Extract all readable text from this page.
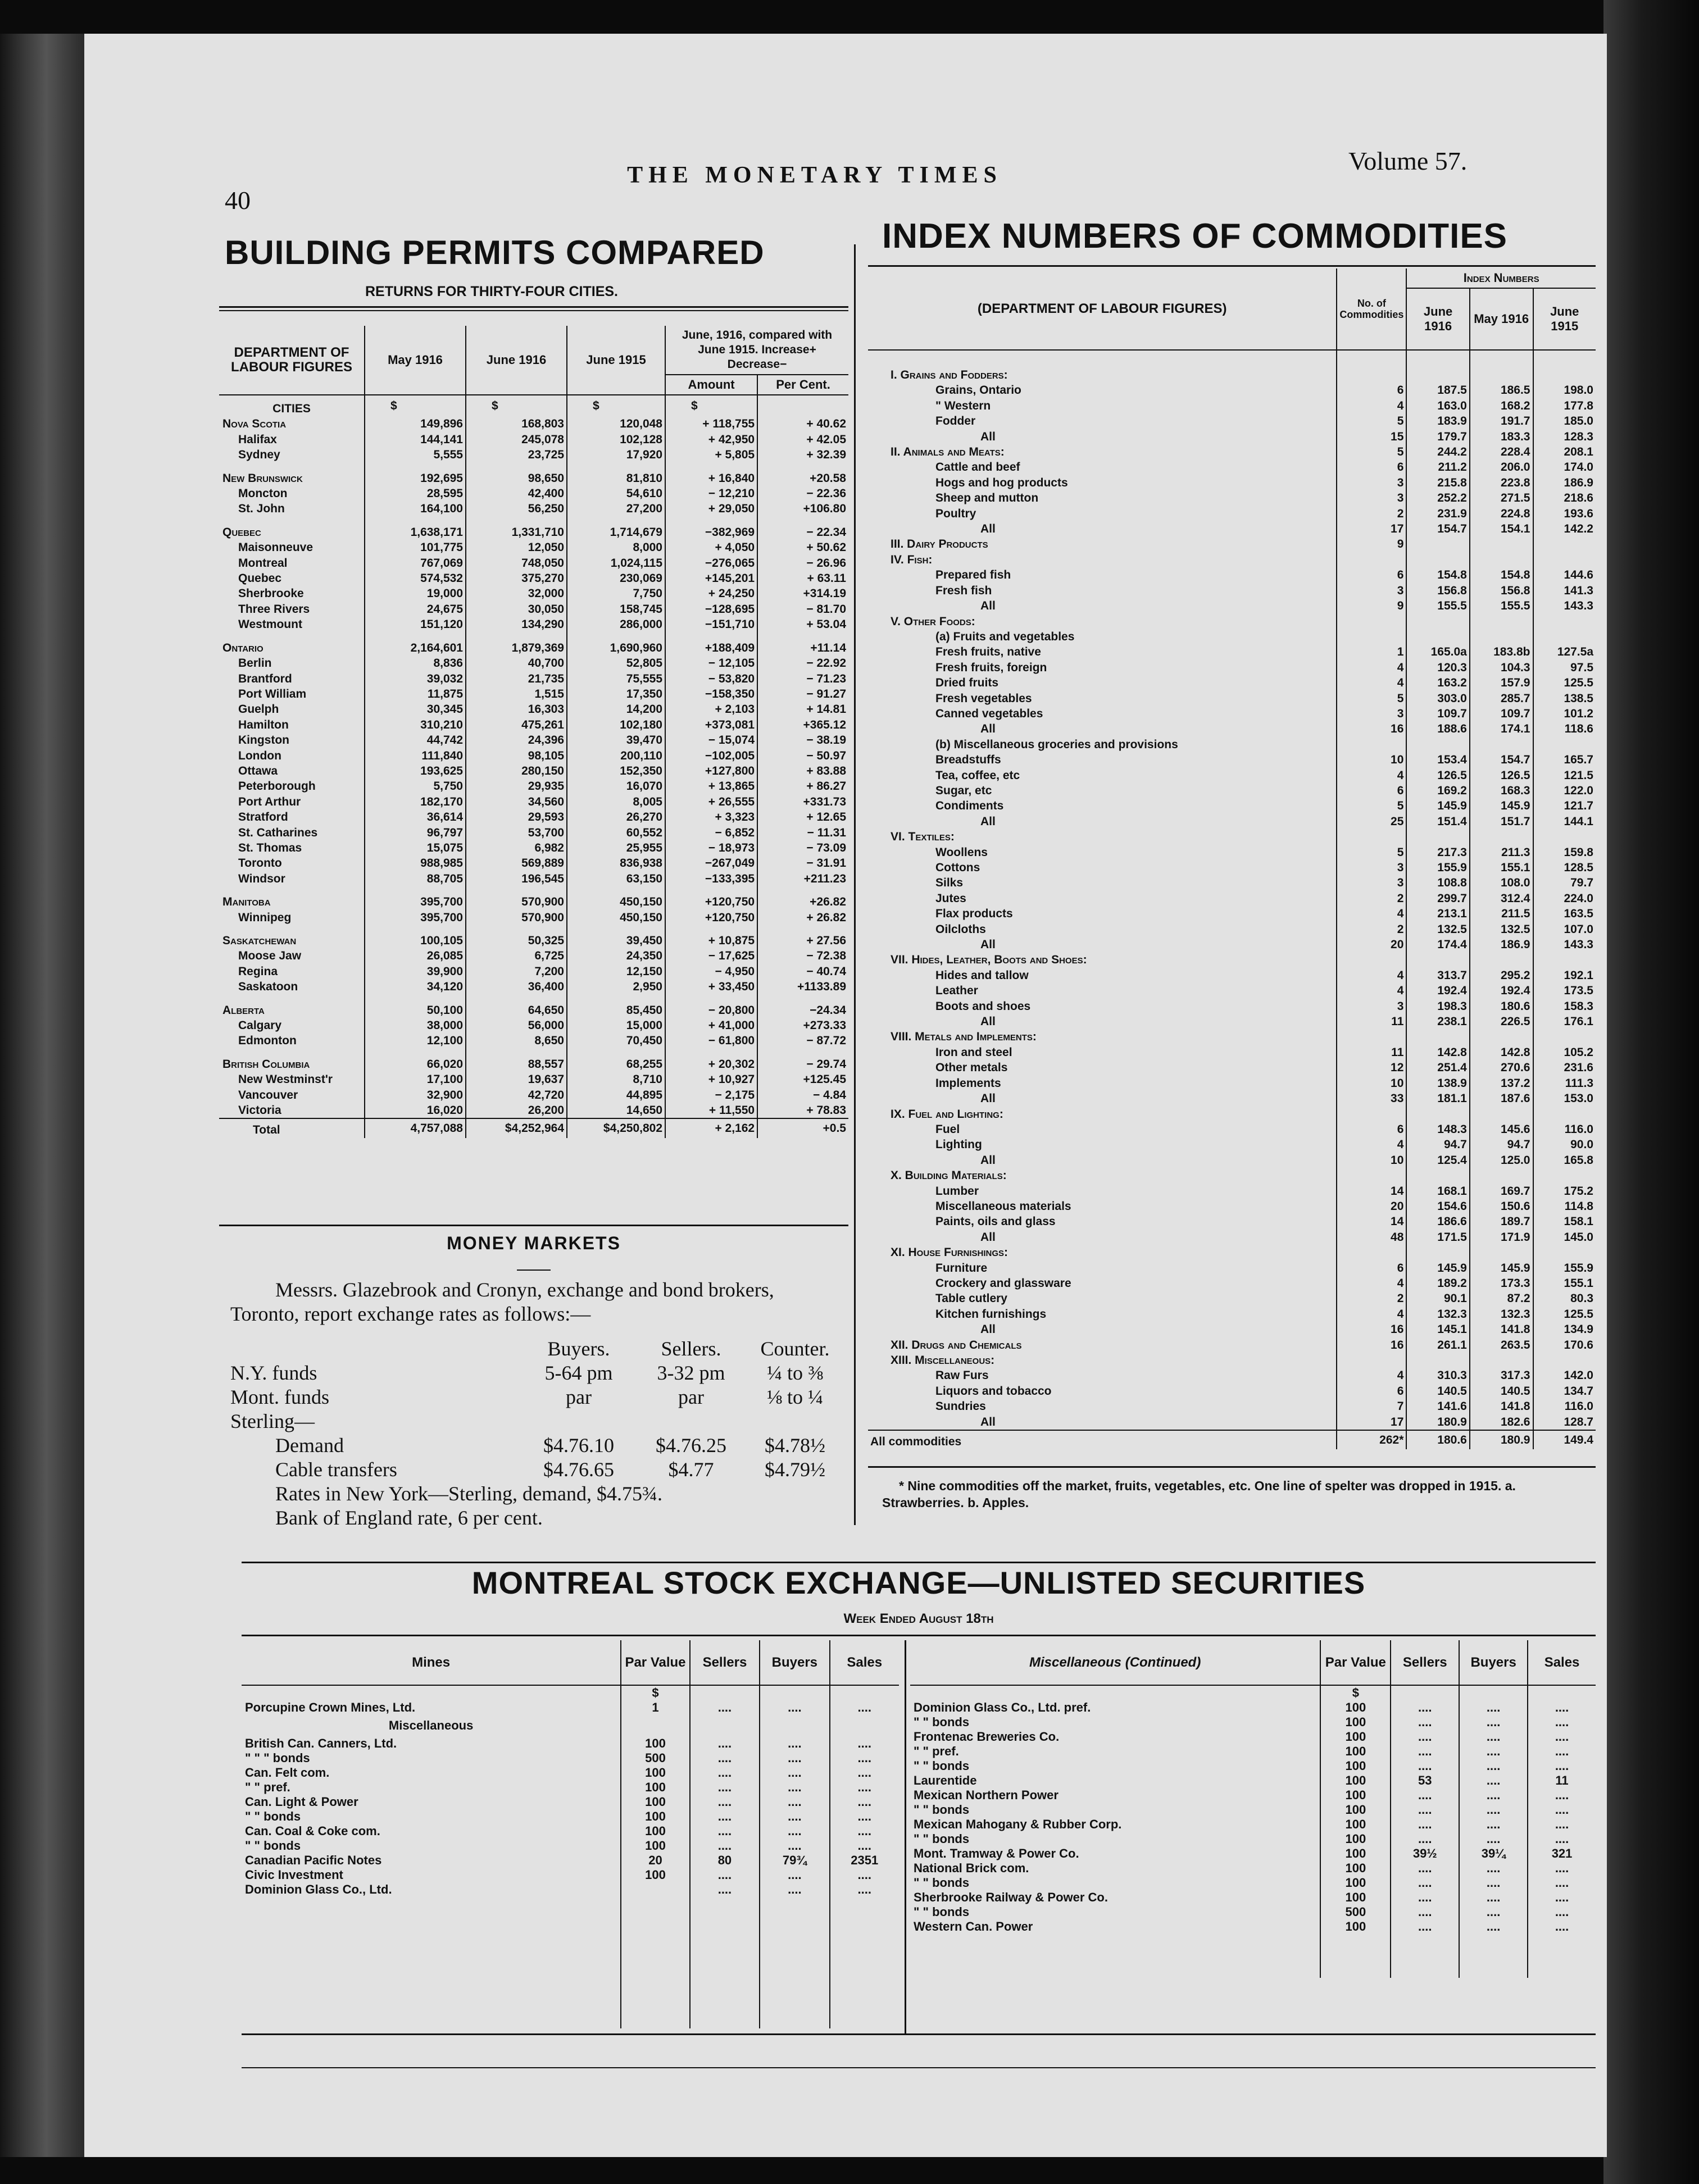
40
THE MONETARY TIMES	Volume 57.
BUILDING PERMITS COMPARED
RETURNS FOR THIRTY-FOUR CITIES.
DEPARTMENT OF LABOUR FIGURES	May 1916	June 1916	June 1915	June, 1916, compared with June 1915. Increase+ Decrease−	
				Amount	Per Cent.
CITIES	$	$	$	$	
Nova Scotia	149,896	168,803	120,048	+ 118,755	+ 40.62
Halifax	144,141	245,078	102,128	+ 42,950	+ 42.05
Sydney	5,555	23,725	17,920	+ 5,805	+ 32.39

New Brunswick	192,695	98,650	81,810	+ 16,840	+20.58
Moncton	28,595	42,400	54,610	− 12,210	− 22.36
St. John	164,100	56,250	27,200	+ 29,050	+106.80

Quebec	1,638,171	1,331,710	1,714,679	−382,969	− 22.34
Maisonneuve	101,775	12,050	8,000	+ 4,050	+ 50.62
Montreal	767,069	748,050	1,024,115	−276,065	− 26.96
Quebec	574,532	375,270	230,069	+145,201	+ 63.11
Sherbrooke	19,000	32,000	7,750	+ 24,250	+314.19
Three Rivers	24,675	30,050	158,745	−128,695	− 81.70
Westmount	151,120	134,290	286,000	−151,710	+ 53.04

Ontario	2,164,601	1,879,369	1,690,960	+188,409	+11.14
Berlin	8,836	40,700	52,805	− 12,105	− 22.92
Brantford	39,032	21,735	75,555	− 53,820	− 71.23
Port William	11,875	1,515	17,350	−158,350	− 91.27
Guelph	30,345	16,303	14,200	+ 2,103	+ 14.81
Hamilton	310,210	475,261	102,180	+373,081	+365.12
Kingston	44,742	24,396	39,470	− 15,074	− 38.19
London	111,840	98,105	200,110	−102,005	− 50.97
Ottawa	193,625	280,150	152,350	+127,800	+ 83.88
Peterborough	5,750	29,935	16,070	+ 13,865	+ 86.27
Port Arthur	182,170	34,560	8,005	+ 26,555	+331.73
Stratford	36,614	29,593	26,270	+ 3,323	+ 12.65
St. Catharines	96,797	53,700	60,552	− 6,852	− 11.31
St. Thomas	15,075	6,982	25,955	− 18,973	− 73.09
Toronto	988,985	569,889	836,938	−267,049	− 31.91
Windsor	88,705	196,545	63,150	−133,395	+211.23

Manitoba	395,700	570,900	450,150	+120,750	+26.82
Winnipeg	395,700	570,900	450,150	+120,750	+ 26.82

Saskatchewan	100,105	50,325	39,450	+ 10,875	+ 27.56
Moose Jaw	26,085	6,725	24,350	− 17,625	− 72.38
Regina	39,900	7,200	12,150	− 4,950	− 40.74
Saskatoon	34,120	36,400	2,950	+ 33,450	+1133.89

Alberta	50,100	64,650	85,450	− 20,800	−24.34
Calgary	38,000	56,000	15,000	+ 41,000	+273.33
Edmonton	12,100	8,650	70,450	− 61,800	− 87.72

British Columbia	66,020	88,557	68,255	+ 20,302	− 29.74
New Westminst'r	17,100	19,637	8,710	+ 10,927	+125.45
Vancouver	32,900	42,720	44,895	− 2,175	− 4.84
Victoria	16,020	26,200	14,650	+ 11,550	+ 78.83
Total	4,757,088	$4,252,964	$4,250,802	+ 2,162	+0.5
MONEY MARKETS
Messrs. Glazebrook and Cronyn, exchange and bond brokers, Toronto, report exchange rates as follows:—
Buyers.	Sellers.	Counter.
N.Y. funds	5-64 pm	3-32 pm	¼ to ⅜
Mont. funds	par	par	⅛ to ¼
Sterling—
Demand	$4.76.10	$4.76.25	$4.78½
Cable transfers	$4.76.65	$4.77	$4.79½
Rates in New York—Sterling, demand, $4.75¾.
Bank of England rate, 6 per cent.
INDEX NUMBERS OF COMMODITIES
(DEPARTMENT OF LABOUR FIGURES)	No. of Commodities	Index Numbers		
		June 1916	May 1916	June 1915

I. Grains and Fodders:				
Grains, Ontario	6	187.5	186.5	198.0
" Western	4	163.0	168.2	177.8
Fodder	5	183.9	191.7	185.0
All	15	179.7	183.3	128.3
II. Animals and Meats:	5	244.2	228.4	208.1
Cattle and beef	6	211.2	206.0	174.0
Hogs and hog products	3	215.8	223.8	186.9
Sheep and mutton	3	252.2	271.5	218.6
Poultry	2	231.9	224.8	193.6
All	17	154.7	154.1	142.2
III. Dairy Products	9			
IV. Fish:				
Prepared fish	6	154.8	154.8	144.6
Fresh fish	3	156.8	156.8	141.3
All	9	155.5	155.5	143.3
V. Other Foods:				
(a) Fruits and vegetables				
Fresh fruits, native	1	165.0a	183.8b	127.5a
Fresh fruits, foreign	4	120.3	104.3	97.5
Dried fruits	4	163.2	157.9	125.5
Fresh vegetables	5	303.0	285.7	138.5
Canned vegetables	3	109.7	109.7	101.2
All	16	188.6	174.1	118.6
(b) Miscellaneous groceries and provisions				
Breadstuffs	10	153.4	154.7	165.7
Tea, coffee, etc	4	126.5	126.5	121.5
Sugar, etc	6	169.2	168.3	122.0
Condiments	5	145.9	145.9	121.7
All	25	151.4	151.7	144.1
VI. Textiles:				
Woollens	5	217.3	211.3	159.8
Cottons	3	155.9	155.1	128.5
Silks	3	108.8	108.0	79.7
Jutes	2	299.7	312.4	224.0
Flax products	4	213.1	211.5	163.5
Oilcloths	2	132.5	132.5	107.0
All	20	174.4	186.9	143.3
VII. Hides, Leather, Boots and Shoes:				
Hides and tallow	4	313.7	295.2	192.1
Leather	4	192.4	192.4	173.5
Boots and shoes	3	198.3	180.6	158.3
All	11	238.1	226.5	176.1
VIII. Metals and Implements:				
Iron and steel	11	142.8	142.8	105.2
Other metals	12	251.4	270.6	231.6
Implements	10	138.9	137.2	111.3
All	33	181.1	187.6	153.0
IX. Fuel and Lighting:				
Fuel	6	148.3	145.6	116.0
Lighting	4	94.7	94.7	90.0
All	10	125.4	125.0	165.8
X. Building Materials:				
Lumber	14	168.1	169.7	175.2
Miscellaneous materials	20	154.6	150.6	114.8
Paints, oils and glass	14	186.6	189.7	158.1
All	48	171.5	171.9	145.0
XI. House Furnishings:				
Furniture	6	145.9	145.9	155.9
Crockery and glassware	4	189.2	173.3	155.1
Table cutlery	2	90.1	87.2	80.3
Kitchen furnishings	4	132.3	132.3	125.5
All	16	145.1	141.8	134.9
XII. Drugs and Chemicals	16	261.1	263.5	170.6
XIII. Miscellaneous:				
Raw Furs	4	310.3	317.3	142.0
Liquors and tobacco	6	140.5	140.5	134.7
Sundries	7	141.6	141.8	116.0
All	17	180.9	182.6	128.7
All commodities	262*	180.6	180.9	149.4
* Nine commodities off the market, fruits, vegetables, etc. One line of spelter was dropped in 1915. a. Strawberries. b. Apples.
MONTREAL STOCK EXCHANGE—UNLISTED SECURITIES
Week Ended August 18th
Mines	Par Value	Sellers	Buyers	Sales
	$			
Porcupine Crown Mines, Ltd.	1	....	....	....
Miscellaneous				
British Can. Canners, Ltd.	100	....	....	....
" " " bonds	500	....	....	....
Can. Felt com.	100	....	....	....
" " pref.	100	....	....	....
Can. Light & Power	100	....	....	....
" " bonds	100	....	....	....
Can. Coal & Coke com.	100	....	....	....
" " bonds	100	....	....	....
Canadian Pacific Notes	20	80	79¾	2351
Civic Investment	100	....	....	....
Dominion Glass Co., Ltd.		....	....	....

Miscellaneous (Continued)	Par Value	Sellers	Buyers	Sales
	$			
Dominion Glass Co., Ltd. pref.	100	....	....	....
" " bonds	100	....	....	....
Frontenac Breweries Co.	100	....	....	....
" " pref.	100	....	....	....
" " bonds	100	....	....	....
Laurentide	100	53	....	11
Mexican Northern Power	100	....	....	....
" " bonds	100	....	....	....
Mexican Mahogany & Rubber Corp.	100	....	....	....
" " bonds	100	....	....	....
Mont. Tramway & Power Co.	100	39½	39¼	321
National Brick com.	100	....	....	....
" " bonds	100	....	....	....
Sherbrooke Railway & Power Co.	100	....	....	....
" " bonds	500	....	....	....
Western Can. Power	100	....	....	....
